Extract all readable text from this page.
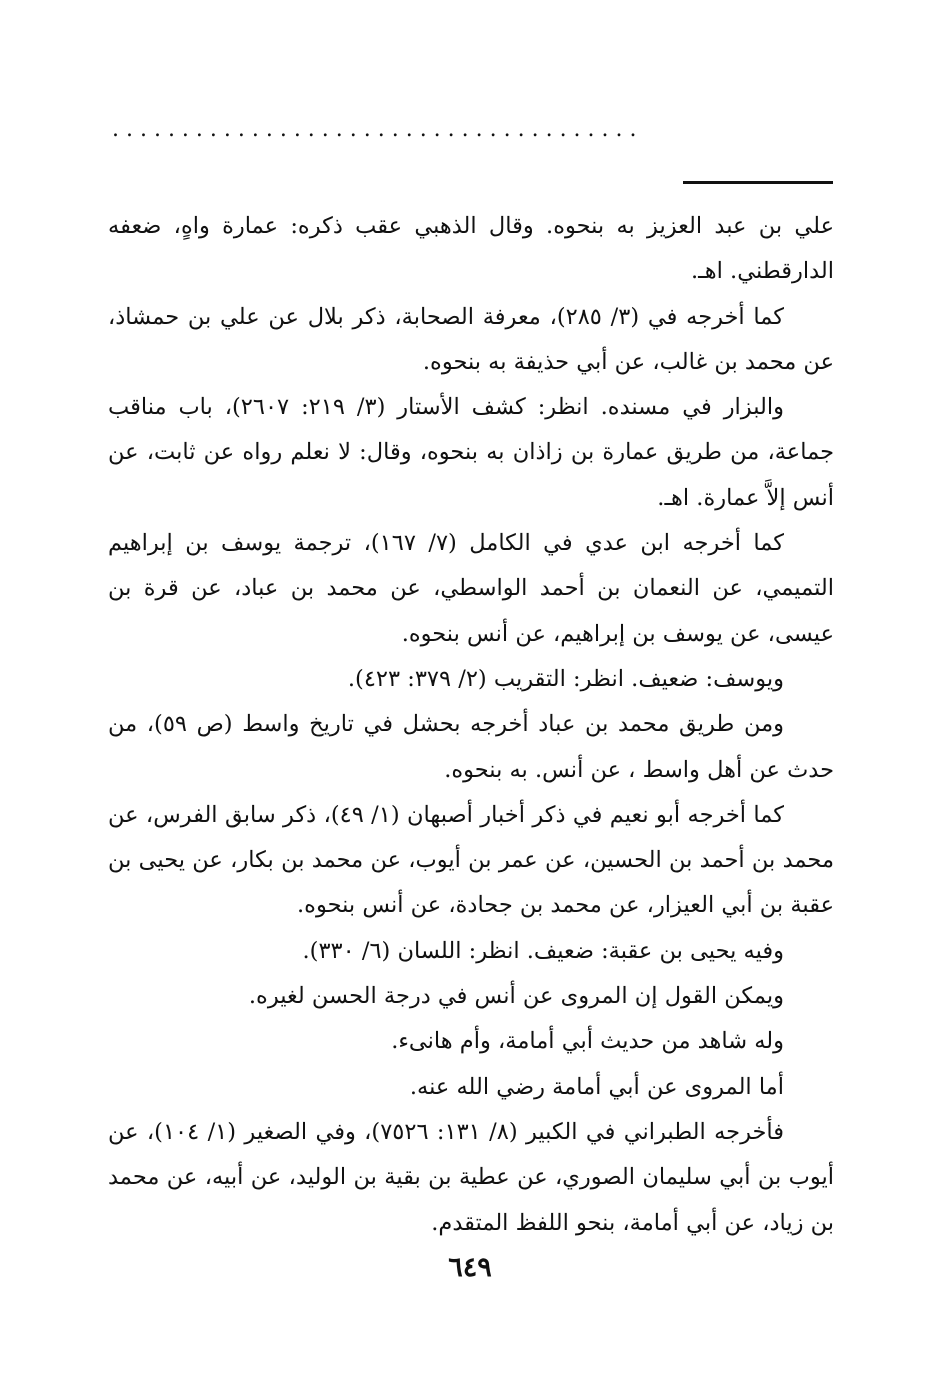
. . . . . . . . . . . . . . . . . . . . . . . . . . . . . . . . . . . . . .

علي بن عبد العزيز به بنحوه. وقال الذهبي عقب ذكره: عمارة واهٍ، ضعفه الدارقطني. اهـ.

كما أخرجه في (٣/ ٢٨٥)، معرفة الصحابة، ذكر بلال عن علي بن حمشاذ، عن محمد بن غالب، عن أبي حذيفة به بنحوه.

والبزار في مسنده. انظر: كشف الأستار (٣/ ٢١٩: ٢٦٠٧)، باب مناقب جماعة، من طريق عمارة بن زاذان به بنحوه، وقال: لا نعلم رواه عن ثابت، عن أنس إلاَّ عمارة. اهـ.

كما أخرجه ابن عدي في الكامل (٧/ ١٦٧)، ترجمة يوسف بن إبراهيم التميمي، عن النعمان بن أحمد الواسطي، عن محمد بن عباد، عن قرة بن عيسى، عن يوسف بن إبراهيم، عن أنس بنحوه.

ويوسف: ضعيف. انظر: التقريب (٢/ ٣٧٩: ٤٢٣).

ومن طريق محمد بن عباد أخرجه بحشل في تاريخ واسط (ص ٥٩)، من حدث عن أهل واسط ، عن أنس. به بنحوه.

كما أخرجه أبو نعيم في ذكر أخبار أصبهان (١/ ٤٩)، ذكر سابق الفرس، عن محمد بن أحمد بن الحسين، عن عمر بن أيوب، عن محمد بن بكار، عن يحيى بن عقبة بن أبي العيزار، عن محمد بن جحادة، عن أنس بنحوه.

وفيه يحيى بن عقبة: ضعيف. انظر: اللسان (٦/ ٣٣٠).

ويمكن القول إن المروى عن أنس في درجة الحسن لغيره.

وله شاهد من حديث أبي أمامة، وأم هانىء.

أما المروى عن أبي أمامة رضي الله عنه.

فأخرجه الطبراني في الكبير (٨/ ١٣١: ٧٥٢٦)، وفي الصغير (١/ ١٠٤)، عن أيوب بن أبي سليمان الصوري، عن عطية بن بقية بن الوليد، عن أبيه، عن محمد بن زياد، عن أبي أمامة، بنحو اللفظ المتقدم.

٦٤٩
